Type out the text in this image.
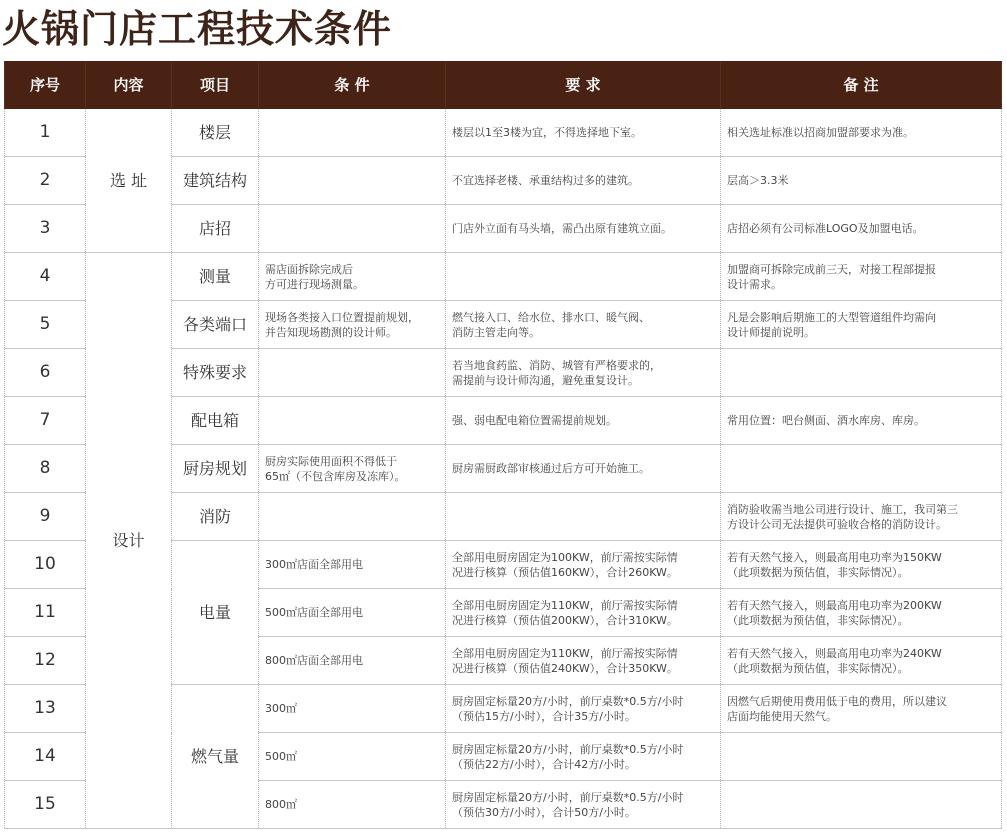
火锅门店工程技术条件
序号	内容	项目	条 件	要 求	备 注
1	选 址	楼层		楼层以1至3楼为宜，不得选择地下室。	相关选址标准以招商加盟部要求为准。

2		建筑结构		不宜选择老楼、承重结构过多的建筑。	层高＞3.3米

3		店招		门店外立面有马头墙，需凸出原有建筑立面。	店招必须有公司标准LOGO及加盟电话。

4	设计	测量	需店面拆除完成后
方可进行现场测量。		加盟商可拆除完成前三天，对接工程部提报
设计需求。

5		各类端口	现场各类接入口位置提前规划，
并告知现场勘测的设计师。	燃气接入口、给水位、排水口、暖气阀、
消防主管走向等。	凡是会影响后期施工的大型管道组件均需向
设计师提前说明。

6		特殊要求		若当地食药监、消防、城管有严格要求的，
需提前与设计师沟通，避免重复设计。	

7		配电箱		强、弱电配电箱位置需提前规划。	常用位置：吧台侧面、酒水库房、库房。

8		厨房规划	厨房实际使用面积不得低于
65㎡（不包含库房及冻库）。	厨房需厨政部审核通过后方可开始施工。	

9		消防			消防验收需当地公司进行设计、施工，我司第三
方设计公司无法提供可验收合格的消防设计。

10		电量	300㎡店面全部用电	全部用电厨房固定为100KW，前厅需按实际情
况进行核算（预估值160KW），合计260KW。	若有天然气接入，则最高用电功率为150KW
（此项数据为预估值，非实际情况）。

11			500㎡店面全部用电	全部用电厨房固定为110KW，前厅需按实际情
况进行核算（预估值200KW），合计310KW。	若有天然气接入，则最高用电功率为200KW
（此项数据为预估值，非实际情况）。

12			800㎡店面全部用电	全部用电厨房固定为110KW，前厅需按实际情
况进行核算（预估值240KW），合计350KW。	若有天然气接入，则最高用电功率为240KW
（此项数据为预估值，非实际情况）。

13		燃气量	300㎡	厨房固定标量20方/小时，前厅桌数*0.5方/小时
（预估15方/小时），合计35方/小时。	因燃气后期使用费用低于电的费用，所以建议
店面均能使用天然气。

14			500㎡	厨房固定标量20方/小时，前厅桌数*0.5方/小时
（预估22方/小时），合计42方/小时。	

15			800㎡	厨房固定标量20方/小时，前厅桌数*0.5方/小时
（预估30方/小时），合计50方/小时。	
